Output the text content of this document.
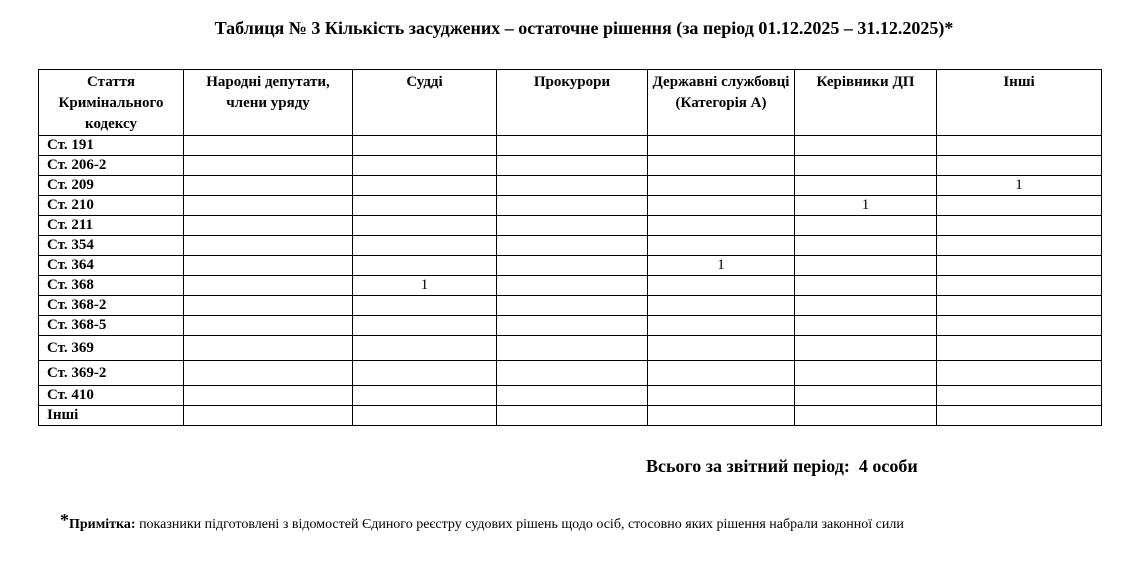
Таблиця № 3 Кількість засуджених – остаточне рішення (за період 01.12.2025 – 31.12.2025)*
Стаття Кримінального кодексу	Народні депутати, члени уряду	Судді	Прокурори	Державні службовці (Категорія А)	Керівники ДП	Інші
Ст. 191						
Ст. 206-2						
Ст. 209						1
Ст. 210					1	
Ст. 211						
Ст. 354						
Ст. 364				1		
Ст. 368		1				
Ст. 368-2						
Ст. 368-5						
Ст. 369						
Ст. 369-2						
Ст. 410						
Інші						
Всього за звітний період: 4 особи
*Примітка: показники підготовлені з відомостей Єдиного реєстру судових рішень щодо осіб, стосовно яких рішення набрали законної сили
